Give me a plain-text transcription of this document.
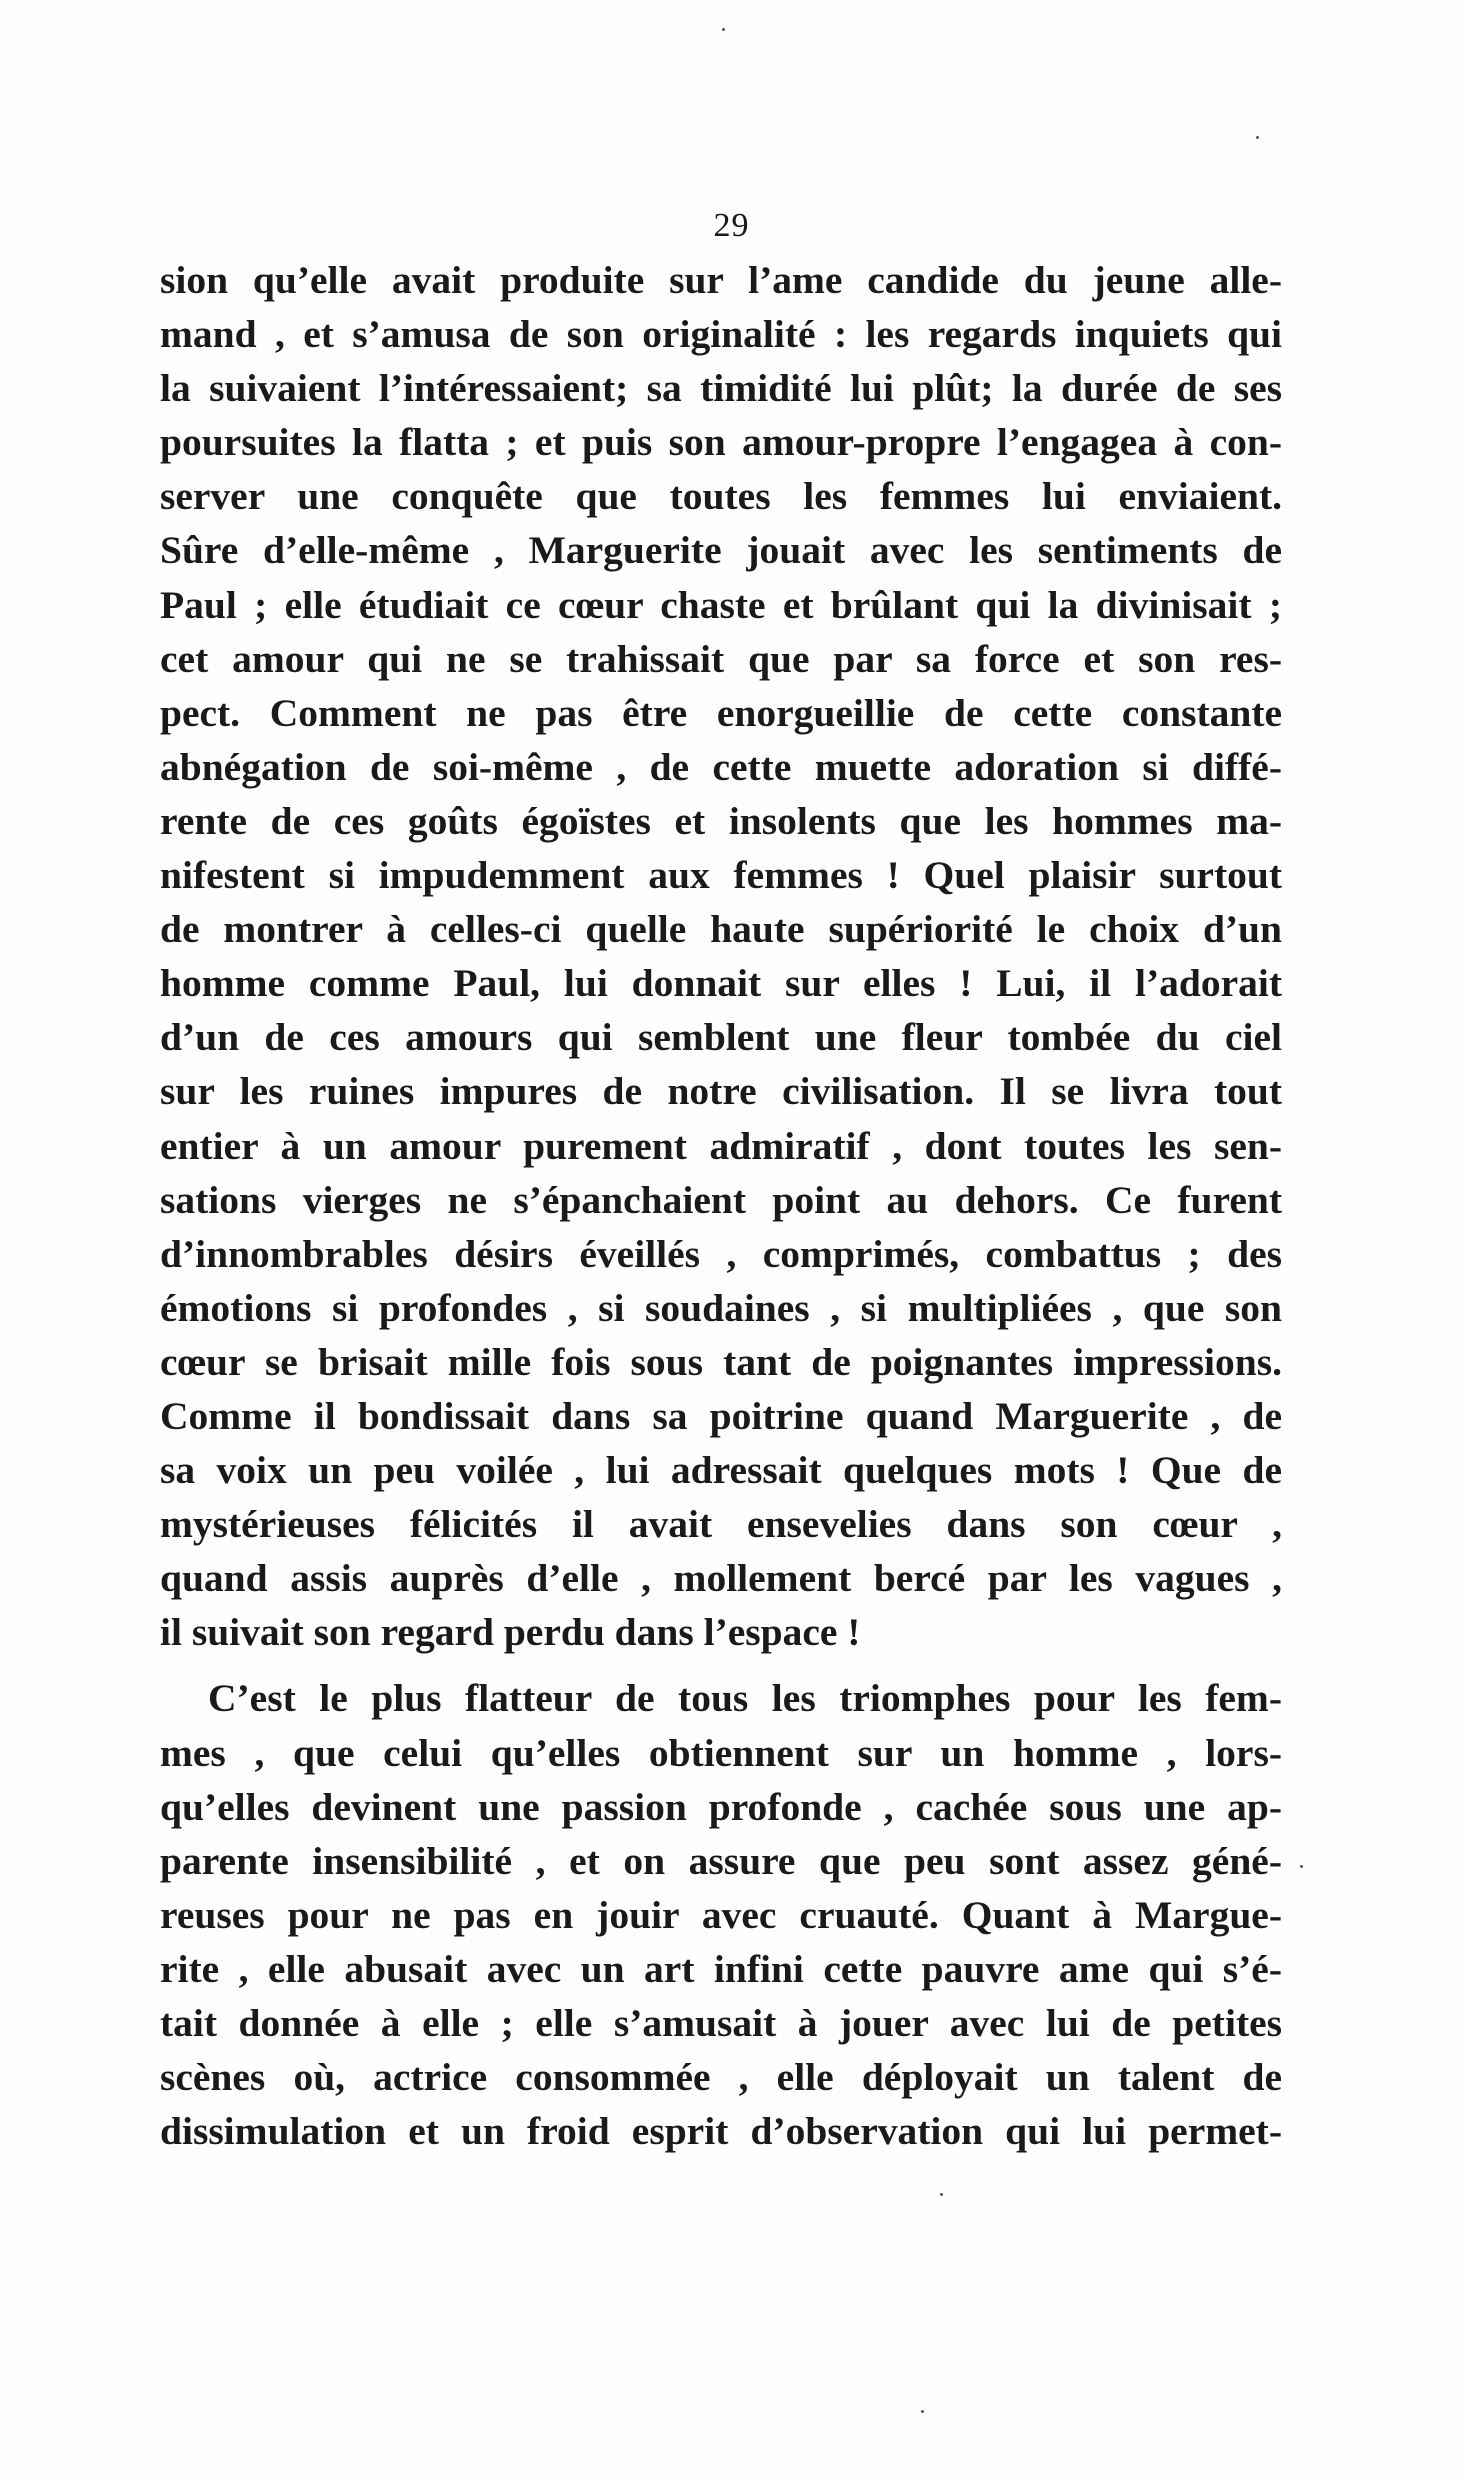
29
sion qu’elle avait produite sur l’ame candide du jeune alle-
mand , et s’amusa de son originalité : les regards inquiets qui
la suivaient l’intéressaient; sa timidité lui plût; la durée de ses
poursuites la flatta ; et puis son amour-propre l’engagea à con-
server une conquête que toutes les femmes lui enviaient.
Sûre d’elle-même , Marguerite jouait avec les sentiments de
Paul ; elle étudiait ce cœur chaste et brûlant qui la divinisait ;
cet amour qui ne se trahissait que par sa force et son res-
pect. Comment ne pas être enorgueillie de cette constante
abnégation de soi-même , de cette muette adoration si diffé-
rente de ces goûts égoïstes et insolents que les hommes ma-
nifestent si impudemment aux femmes ! Quel plaisir surtout
de montrer à celles-ci quelle haute supériorité le choix d’un
homme comme Paul, lui donnait sur elles ! Lui, il l’adorait
d’un de ces amours qui semblent une fleur tombée du ciel
sur les ruines impures de notre civilisation. Il se livra tout
entier à un amour purement admiratif , dont toutes les sen-
sations vierges ne s’épanchaient point au dehors. Ce furent
d’innombrables désirs éveillés , comprimés, combattus ; des
émotions si profondes , si soudaines , si multipliées , que son
cœur se brisait mille fois sous tant de poignantes impressions.
Comme il bondissait dans sa poitrine quand Marguerite , de
sa voix un peu voilée , lui adressait quelques mots ! Que de
mystérieuses félicités il avait ensevelies dans son cœur ,
quand assis auprès d’elle , mollement bercé par les vagues ,
il suivait son regard perdu dans l’espace !
C’est le plus flatteur de tous les triomphes pour les fem-
mes , que celui qu’elles obtiennent sur un homme , lors-
qu’elles devinent une passion profonde , cachée sous une ap-
parente insensibilité , et on assure que peu sont assez géné-
reuses pour ne pas en jouir avec cruauté. Quant à Margue-
rite , elle abusait avec un art infini cette pauvre ame qui s’é-
tait donnée à elle ; elle s’amusait à jouer avec lui de petites
scènes où, actrice consommée , elle déployait un talent de
dissimulation et un froid esprit d’observation qui lui permet-
